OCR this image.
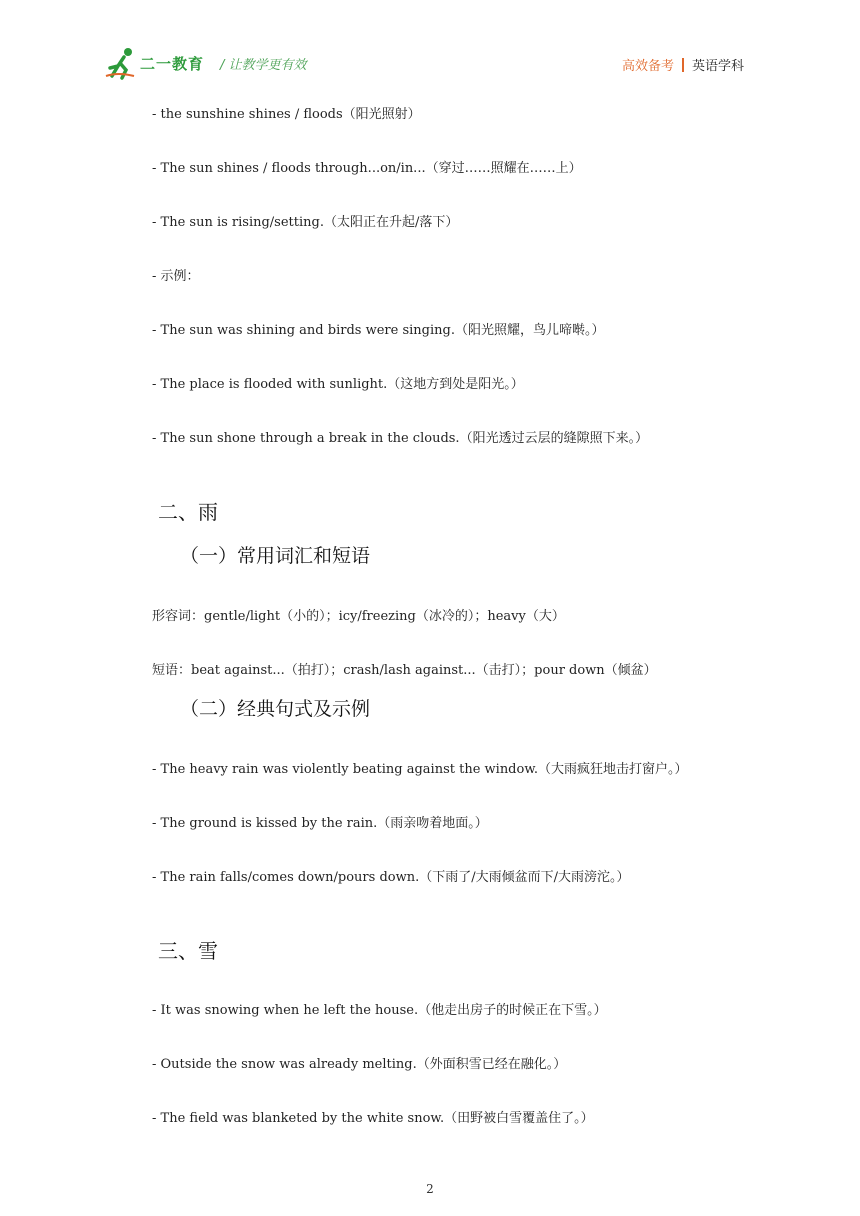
二一教育 / 让教学更有效	高效备考 英语学科
- the sunshine shines / floods（阳光照射）
- The sun shines / floods through...on/in...（穿过……照耀在……上）
- The sun is rising/setting.（太阳正在升起/落下）
- 示例：
- The sun was shining and birds were singing.（阳光照耀，鸟儿啼啭。）
- The place is flooded with sunlight.（这地方到处是阳光。）
- The sun shone through a break in the clouds.（阳光透过云层的缝隙照下来。）
二、雨
（一）常用词汇和短语
形容词：gentle/light（小的）；icy/freezing（冰冷的）；heavy（大）
短语：beat against...（拍打）；crash/lash against...（击打）；pour down（倾盆）
（二）经典句式及示例
- The heavy rain was violently beating against the window.（大雨疯狂地击打窗户。）
- The ground is kissed by the rain.（雨亲吻着地面。）
- The rain falls/comes down/pours down.（下雨了/大雨倾盆而下/大雨滂沱。）
三、雪
- It was snowing when he left the house.（他走出房子的时候正在下雪。）
- Outside the snow was already melting.（外面积雪已经在融化。）
- The field was blanketed by the white snow.（田野被白雪覆盖住了。）
2
